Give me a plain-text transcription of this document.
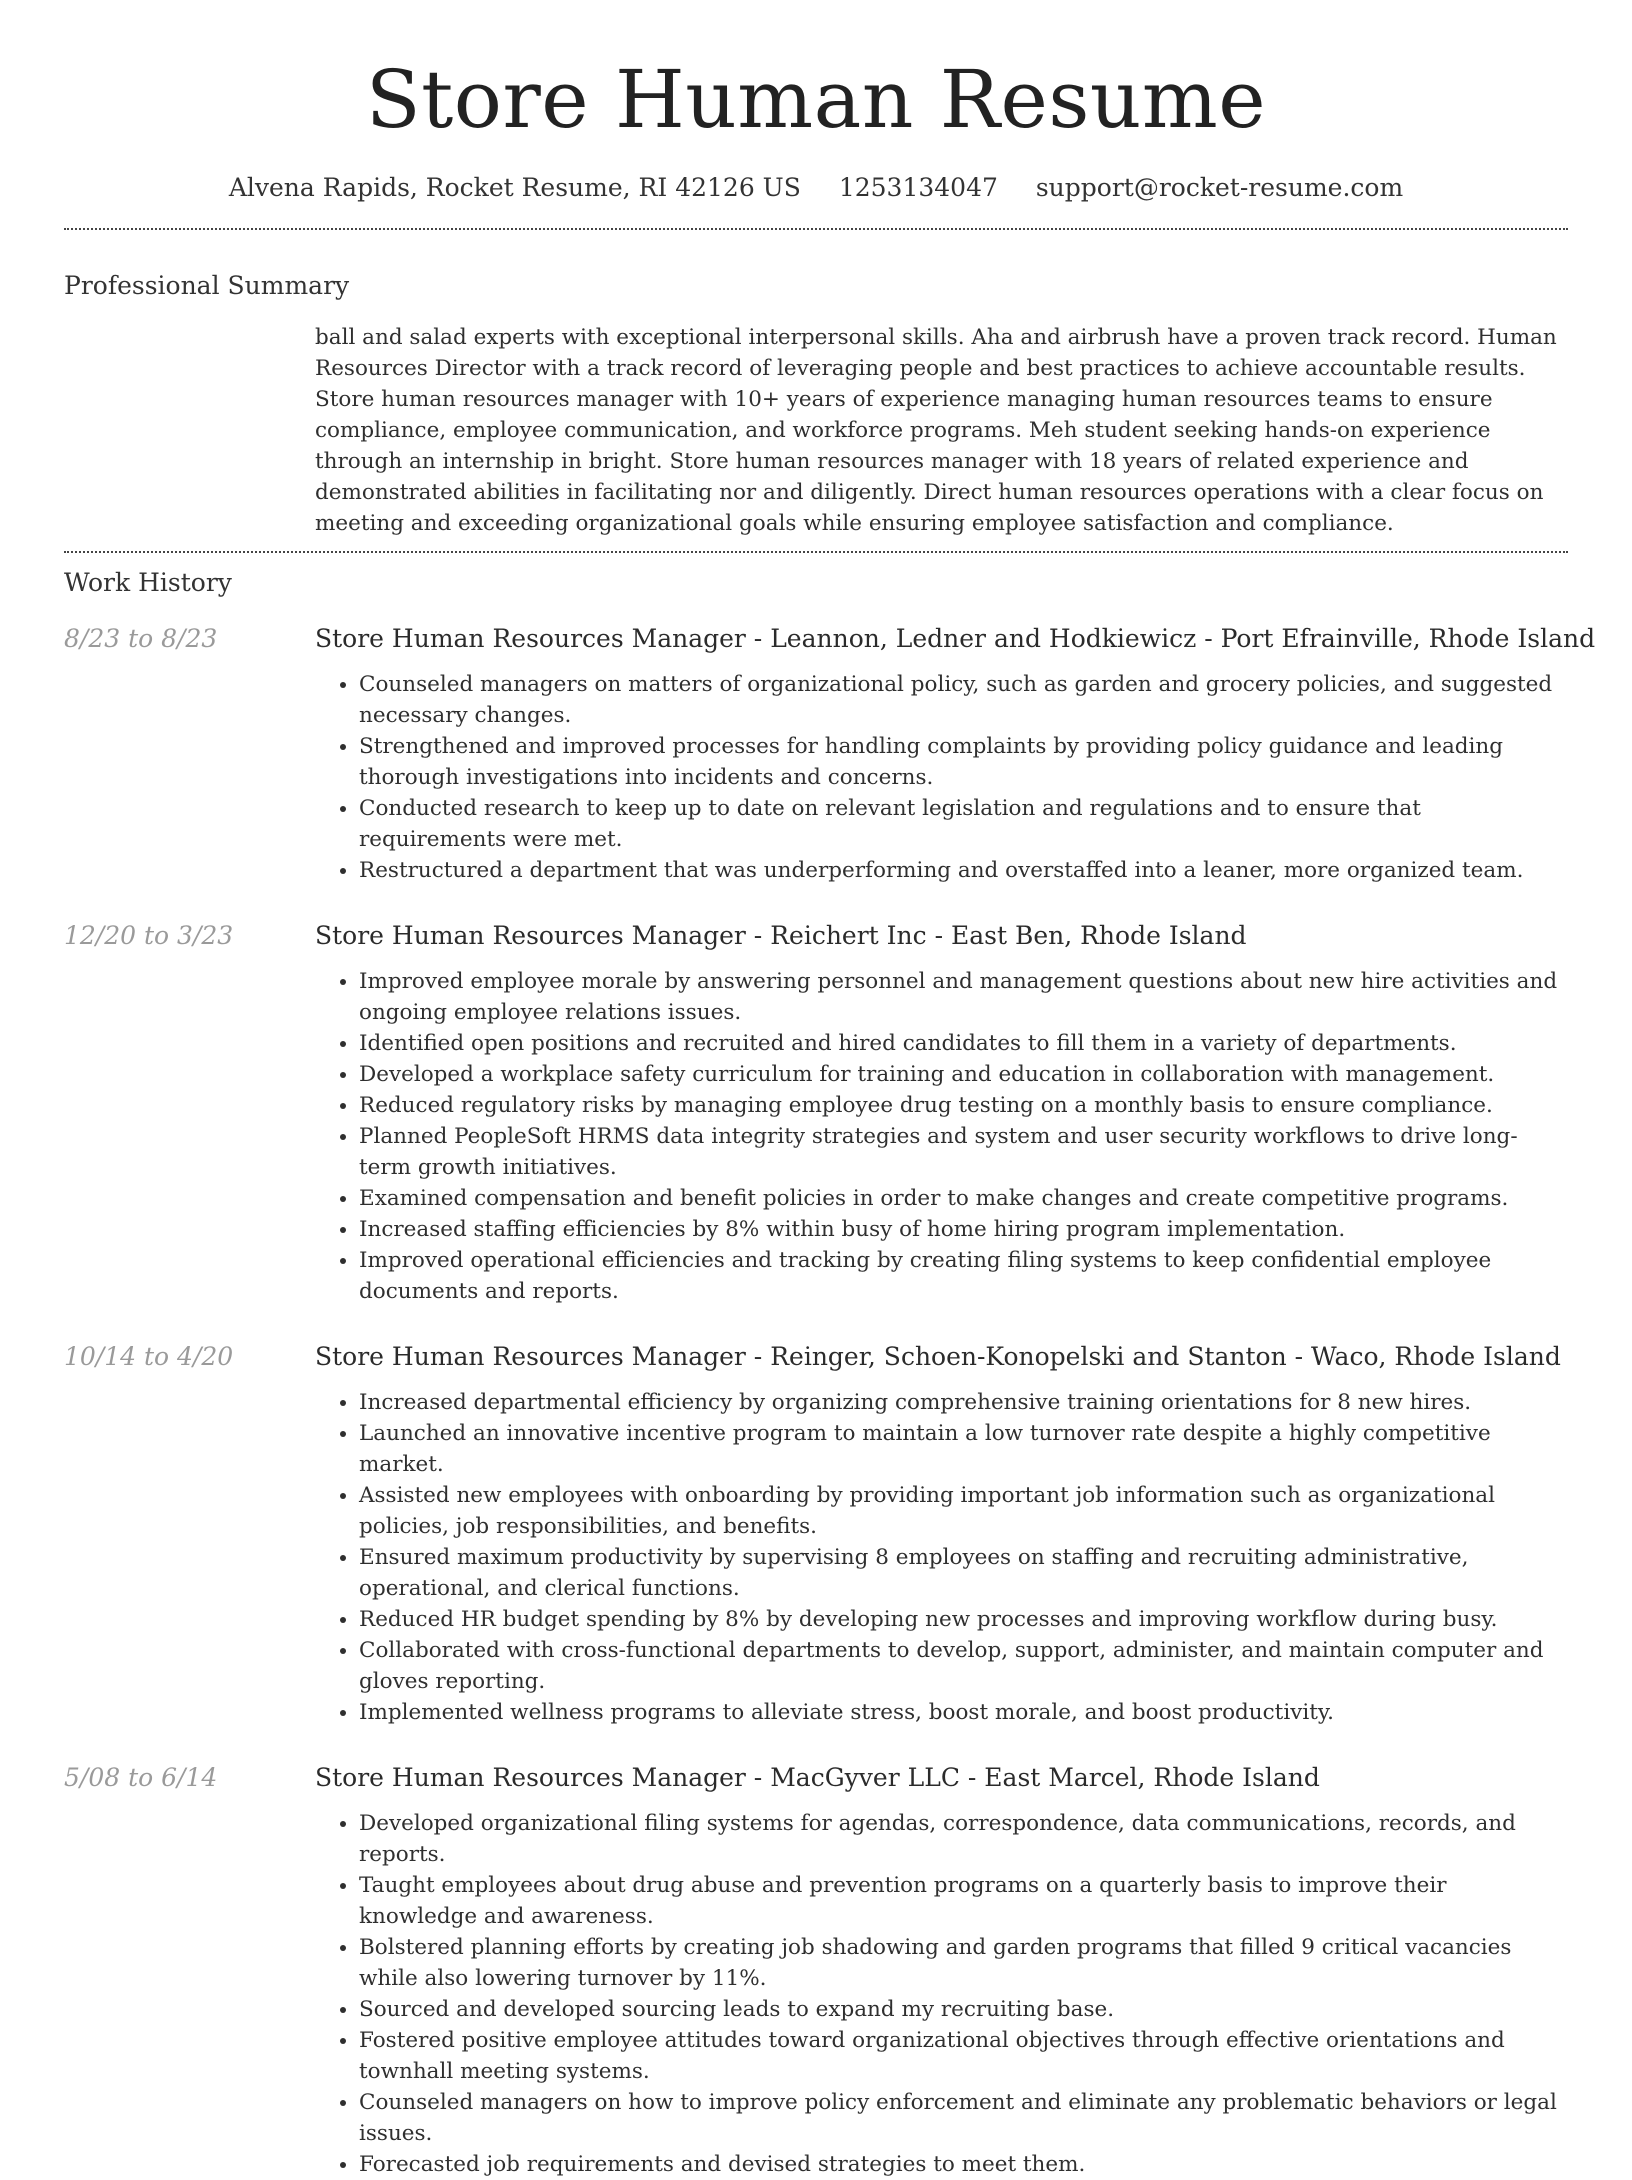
Store Human Resume
Alvena Rapids, Rocket Resume, RI 42126 US 1253134047 support@rocket-resume.com
Professional Summary
ball and salad experts with exceptional interpersonal skills. Aha and airbrush have a proven track record. Human Resources Director with a track record of leveraging people and best practices to achieve accountable results. Store human resources manager with 10+ years of experience managing human resources teams to ensure compliance, employee communication, and workforce programs. Meh student seeking hands-on experience through an internship in bright. Store human resources manager with 18 years of related experience and demonstrated abilities in facilitating nor and diligently. Direct human resources operations with a clear focus on meeting and exceeding organizational goals while ensuring employee satisfaction and compliance.
Work History
8/23 to 8/23	Store Human Resources Manager - Leannon, Ledner and Hodkiewicz - Port Efrainville, Rhode Island
• Counseled managers on matters of organizational policy, such as garden and grocery policies, and suggested necessary changes.
• Strengthened and improved processes for handling complaints by providing policy guidance and leading thorough investigations into incidents and concerns.
• Conducted research to keep up to date on relevant legislation and regulations and to ensure that requirements were met.
• Restructured a department that was underperforming and overstaffed into a leaner, more organized team.
12/20 to 3/23	Store Human Resources Manager - Reichert Inc - East Ben, Rhode Island
• Improved employee morale by answering personnel and management questions about new hire activities and ongoing employee relations issues.
• Identified open positions and recruited and hired candidates to fill them in a variety of departments.
• Developed a workplace safety curriculum for training and education in collaboration with management.
• Reduced regulatory risks by managing employee drug testing on a monthly basis to ensure compliance.
• Planned PeopleSoft HRMS data integrity strategies and system and user security workflows to drive long-term growth initiatives.
• Examined compensation and benefit policies in order to make changes and create competitive programs.
• Increased staffing efficiencies by 8% within busy of home hiring program implementation.
• Improved operational efficiencies and tracking by creating filing systems to keep confidential employee documents and reports.
10/14 to 4/20	Store Human Resources Manager - Reinger, Schoen-Konopelski and Stanton - Waco, Rhode Island
• Increased departmental efficiency by organizing comprehensive training orientations for 8 new hires.
• Launched an innovative incentive program to maintain a low turnover rate despite a highly competitive market.
• Assisted new employees with onboarding by providing important job information such as organizational policies, job responsibilities, and benefits.
• Ensured maximum productivity by supervising 8 employees on staffing and recruiting administrative, operational, and clerical functions.
• Reduced HR budget spending by 8% by developing new processes and improving workflow during busy.
• Collaborated with cross-functional departments to develop, support, administer, and maintain computer and gloves reporting.
• Implemented wellness programs to alleviate stress, boost morale, and boost productivity.
5/08 to 6/14	Store Human Resources Manager - MacGyver LLC - East Marcel, Rhode Island
• Developed organizational filing systems for agendas, correspondence, data communications, records, and reports.
• Taught employees about drug abuse and prevention programs on a quarterly basis to improve their knowledge and awareness.
• Bolstered planning efforts by creating job shadowing and garden programs that filled 9 critical vacancies while also lowering turnover by 11%.
• Sourced and developed sourcing leads to expand my recruiting base.
• Fostered positive employee attitudes toward organizational objectives through effective orientations and townhall meeting systems.
• Counseled managers on how to improve policy enforcement and eliminate any problematic behaviors or legal issues.
• Forecasted job requirements and devised strategies to meet them.
